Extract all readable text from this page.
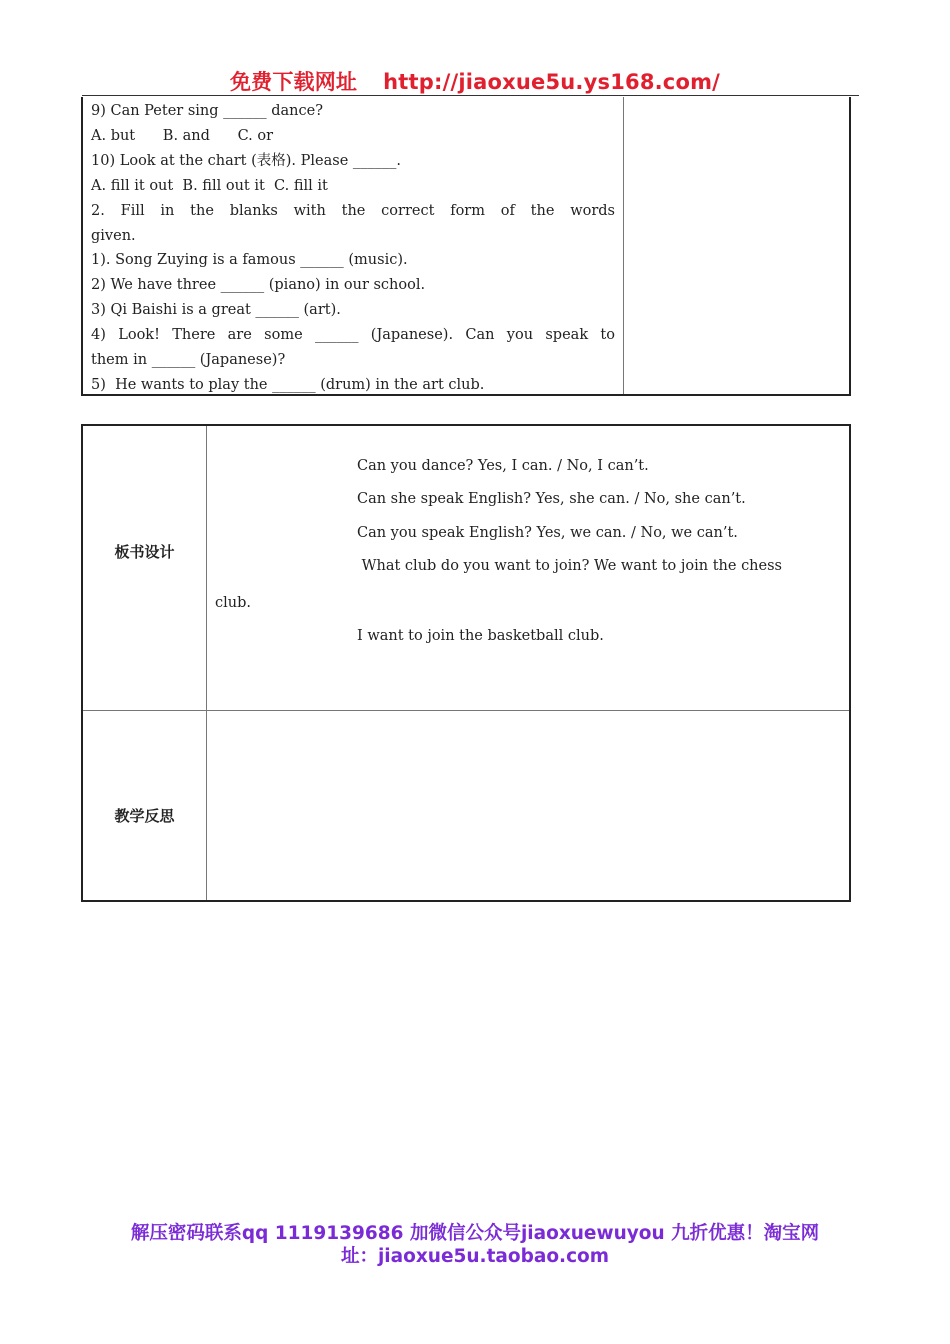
免费下载网址 http://jiaoxue5u.ys168.com/
9) Can Peter sing ______ dance?
A. but      B. and      C. or
10) Look at the chart (表格). Please ______.
A. fill it out  B. fill out it  C. fill it
2. Fill in the blanks with the correct form of the words
given.
1). Song Zuying is a famous ______ (music).
2) We have three ______ (piano) in our school.
3) Qi Baishi is a great ______ (art).
4) Look! There are some ______ (Japanese). Can you speak to
them in ______ (Japanese)?
5)  He wants to play the ______ (drum) in the art club.
板书设计
Can you dance? Yes, I can. / No, I can’t.
Can she speak English? Yes, she can. / No, she can’t.
Can you speak English? Yes, we can. / No, we can’t.
What club do you want to join? We want to join the chess
club.
I want to join the basketball club.
教学反思
解压密码联系qq 1119139686 加微信公众号jiaoxuewuyou 九折优惠！淘宝网
址：jiaoxue5u.taobao.com
